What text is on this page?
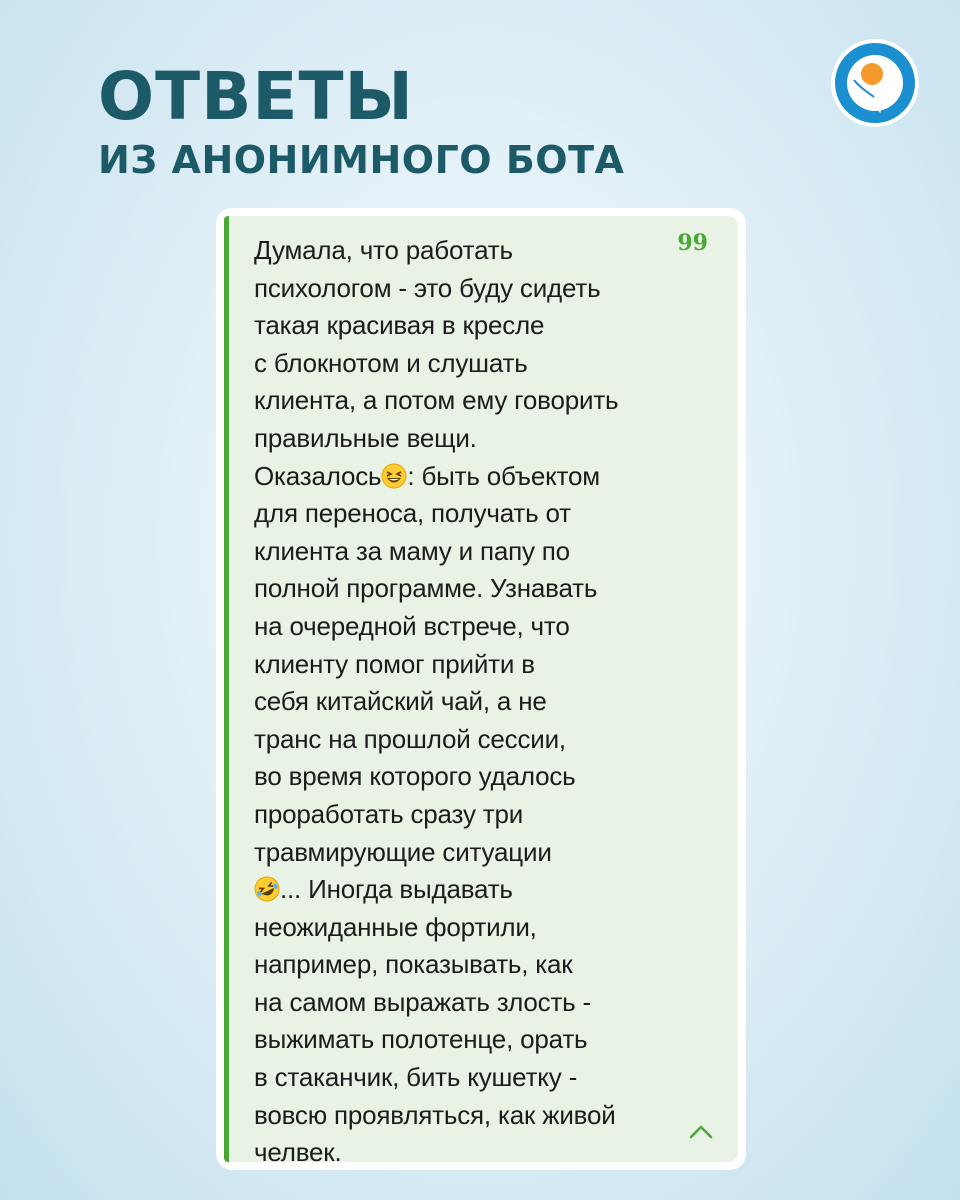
ОТВЕТЫ
ИЗ АНОНИМНОГО БОТА

Думала, что работать
психологом - это буду сидеть
такая красивая в кресле
с блокнотом и слушать
клиента, а потом ему говорить
правильные вещи.
Оказалось : быть объектом
для переноса, получать от
клиента за маму и папу по
полной программе. Узнавать
на очередной встрече, что
клиенту помог прийти в
себя китайский чай, а не
транс на прошлой сессии,
во время которого удалось
проработать сразу три
травмирующие ситуации
... Иногда выдавать
неожиданные фортили,
например, показывать, как
на самом выражать злость -
выжимать полотенце, орать
в стаканчик, бить кушетку -
вовсю проявляться, как живой
челвек.

99
